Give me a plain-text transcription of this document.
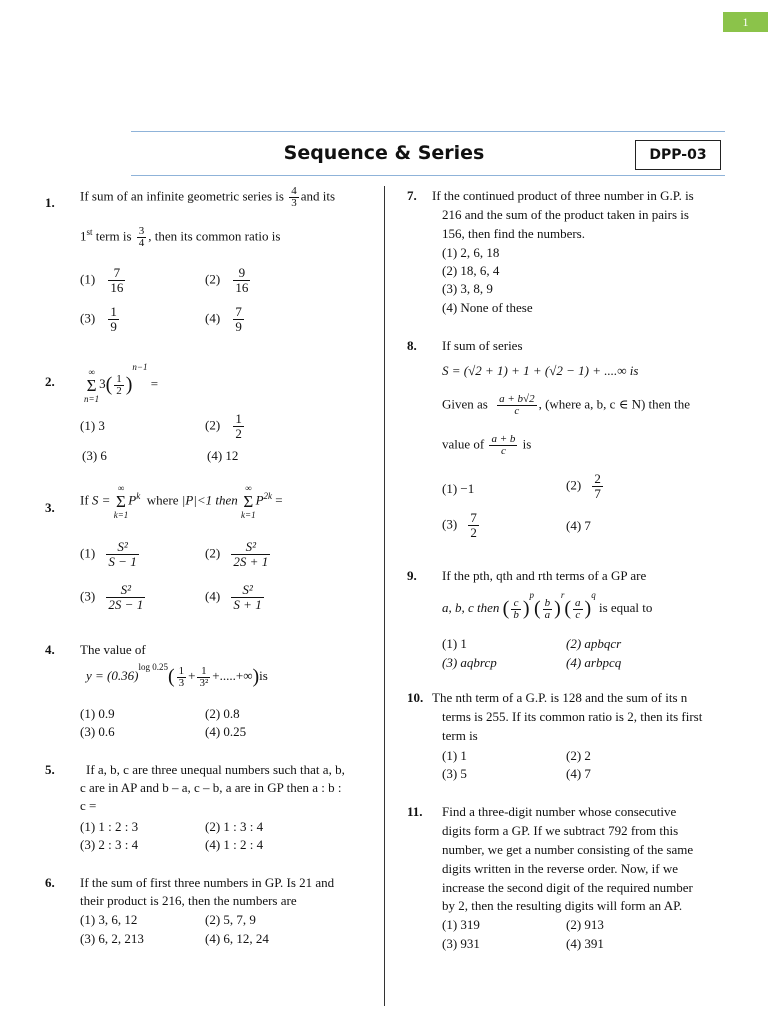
1
Sequence & Series	DPP-03
1. If sum of an infinite geometric series is $\frac{4}{3}$ and its
1st term is $\frac{3}{4}$ , then its common ratio is
$(1) \frac{7}{16}$	$(2) \frac{9}{16}$
$(3) \frac{1}{9}$	$(4) \frac{7}{9}$
2.
∞
Σ
$n=13( \frac{1}{2} )^{n-1}$ =
(1) 3	$(2) \frac{1}{2}$
(3) 6	(4) 12
3.
If S = ∞
Σ
$k=1P^k$ where |P|<1 then ∞
Σ
$k=1P^{2k}$ =
$(1) \frac{\text{S²}}{S - 1}$	$(2) \frac{\text{S²}}{2S + 1}$
$(3) \frac{\text{S²}}{2S - 1}$	$(4) \frac{\text{S²}}{S + 1}$
4. The value of
$y = (0.36)^{log 0.25}( \frac{1}{3} + \frac{1}{\text{3²}} +.....+\infty)is$
(1) 0.9	(2) 0.8
(3) 0.6	(4) 0.25
5. If a, b, c are three unequal numbers such that a, b,
c are in AP and b – a, c – b, a are in GP then a : b :
c =
(1) 1 : 2 : 3	(2) 1 : 3 : 4
(3) 2 : 3 : 4	(4) 1 : 2 : 4
6. If the sum of first three numbers in GP. Is 21 and
their product is 216, then the numbers are
(1) 3, 6, 12	(2) 5, 7, 9
(3) 6, 2, 213	(4) 6, 12, 24
7. If the continued product of three number in G.P. is
216 and the sum of the product taken in pairs is
156, then find the numbers.
(1) 2, 6, 18
(2) 18, 6, 4
(3) 3, 8, 9
(4) None of these
8. If sum of series
S = (√2 + 1) + 1 + (√2 − 1) + ....∞ is
Given as $\frac{a + b√2}{c}$ , (where a, b, c ∈ N) then the
value of $\frac{a + b}{c}$ is
(1) −1	$(2) \frac{2}{7}$
$(3) \frac{7}{2}$	(4) 7
9. If the pth, qth and rth terms of a GP are
a, b, c then ( $\frac{c}{b} )^p( \frac{b}{a} )^r( \frac{a}{c} )^q$ is equal to
(1) 1	(2) apbqcr
(3) aqbrcp	(4) arbpcq
10. The nth term of a G.P. is 128 and the sum of its n
terms is 255. If its common ratio is 2, then its first
term is
(1) 1	(2) 2
(3) 5	(4) 7
11. Find a three-digit number whose consecutive
digits form a GP. If we subtract 792 from this
number, we get a number consisting of the same
digits written in the reverse order. Now, if we
increase the second digit of the required number
by 2, then the resulting digits will form an AP.
(1) 319	(2) 913
(3) 931	(4) 391
